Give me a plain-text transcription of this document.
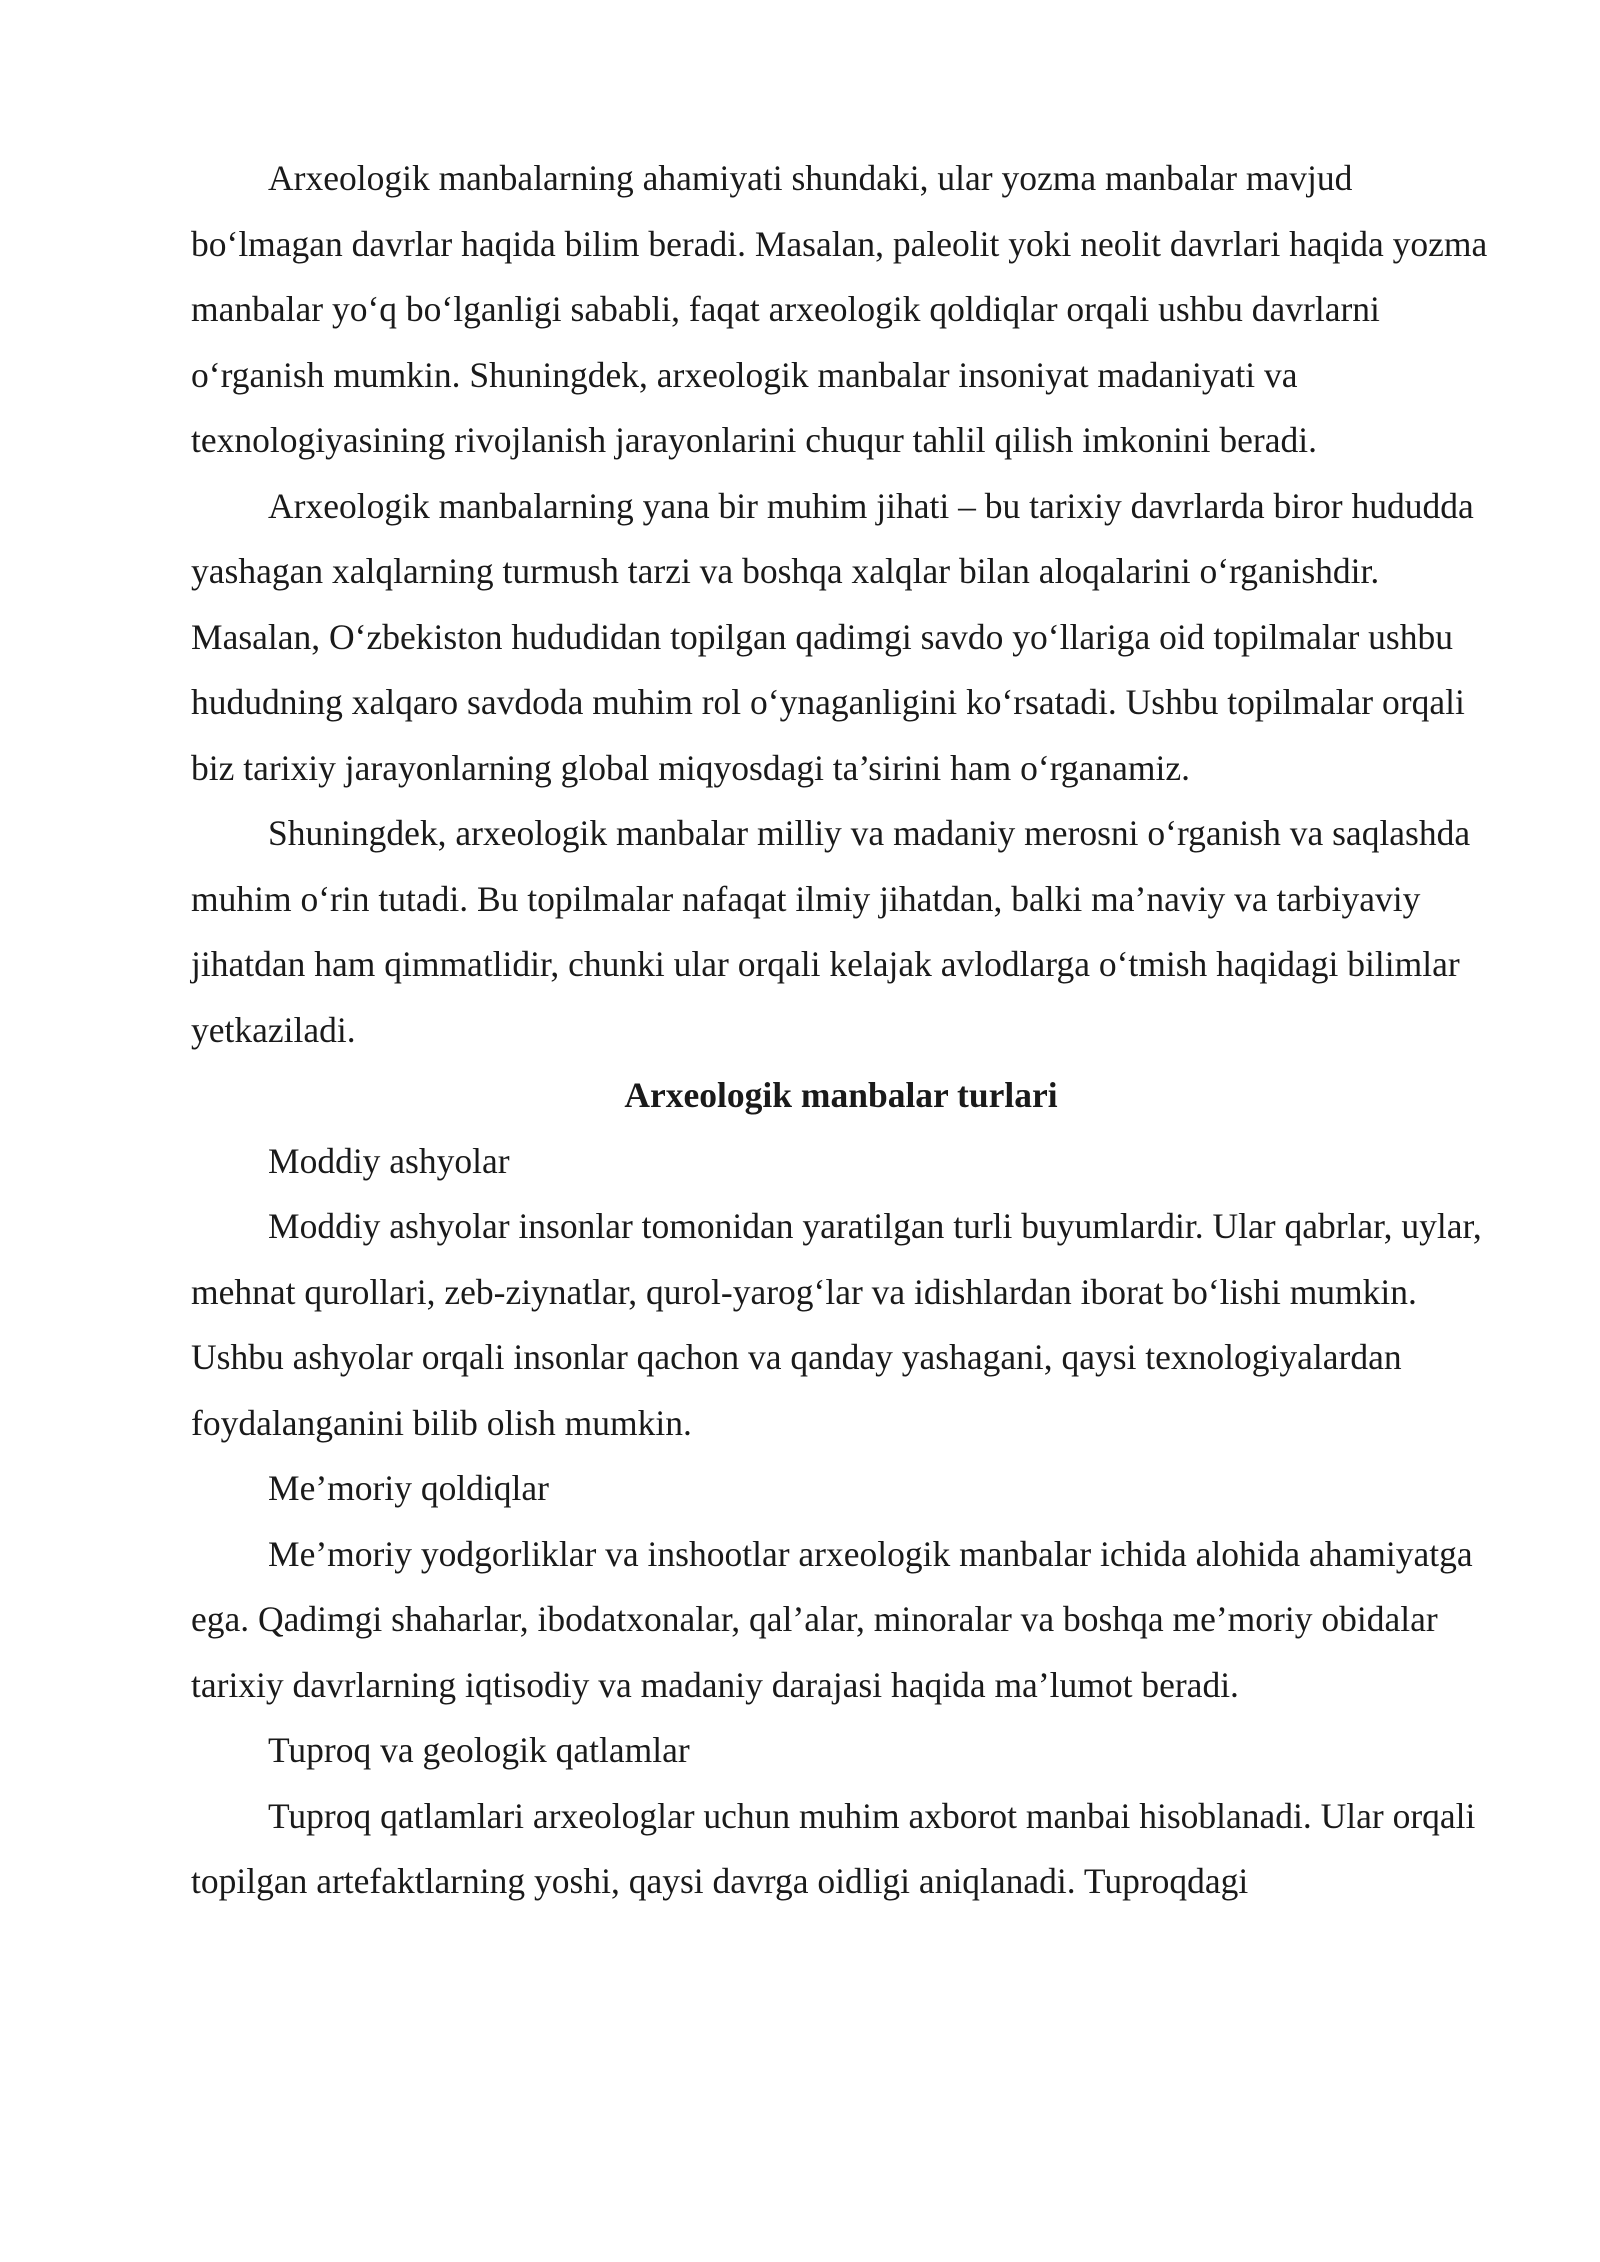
Arxeologik manbalarning ahamiyati shundaki, ular yozma manbalar mavjud bo‘lmagan davrlar haqida bilim beradi. Masalan, paleolit yoki neolit davrlari haqida yozma manbalar yo‘q bo‘lganligi sababli, faqat arxeologik qoldiqlar orqali ushbu davrlarni o‘rganish mumkin. Shuningdek, arxeologik manbalar insoniyat madaniyati va texnologiyasining rivojlanish jarayonlarini chuqur tahlil qilish imkonini beradi.

Arxeologik manbalarning yana bir muhim jihati – bu tarixiy davrlarda biror hududda yashagan xalqlarning turmush tarzi va boshqa xalqlar bilan aloqalarini o‘rganishdir. Masalan, O‘zbekiston hududidan topilgan qadimgi savdo yo‘llariga oid topilmalar ushbu hududning xalqaro savdoda muhim rol o‘ynaganligini ko‘rsatadi. Ushbu topilmalar orqali biz tarixiy jarayonlarning global miqyosdagi ta’sirini ham o‘rganamiz.

Shuningdek, arxeologik manbalar milliy va madaniy merosni o‘rganish va saqlashda muhim o‘rin tutadi. Bu topilmalar nafaqat ilmiy jihatdan, balki ma’naviy va tarbiyaviy jihatdan ham qimmatlidir, chunki ular orqali kelajak avlodlarga o‘tmish haqidagi bilimlar yetkaziladi.

Arxeologik manbalar turlari

Moddiy ashyolar

Moddiy ashyolar insonlar tomonidan yaratilgan turli buyumlardir. Ular qabrlar, uylar, mehnat qurollari, zeb-ziynatlar, qurol-yarog‘lar va idishlardan iborat bo‘lishi mumkin. Ushbu ashyolar orqali insonlar qachon va qanday yashagani, qaysi texnologiyalardan foydalanganini bilib olish mumkin.

Me’moriy qoldiqlar

Me’moriy yodgorliklar va inshootlar arxeologik manbalar ichida alohida ahamiyatga ega. Qadimgi shaharlar, ibodatxonalar, qal’alar, minoralar va boshqa me’moriy obidalar tarixiy davrlarning iqtisodiy va madaniy darajasi haqida ma’lumot beradi.

Tuproq va geologik qatlamlar

Tuproq qatlamlari arxeologlar uchun muhim axborot manbai hisoblanadi. Ular orqali topilgan artefaktlarning yoshi, qaysi davrga oidligi aniqlanadi. Tuproqdagi
